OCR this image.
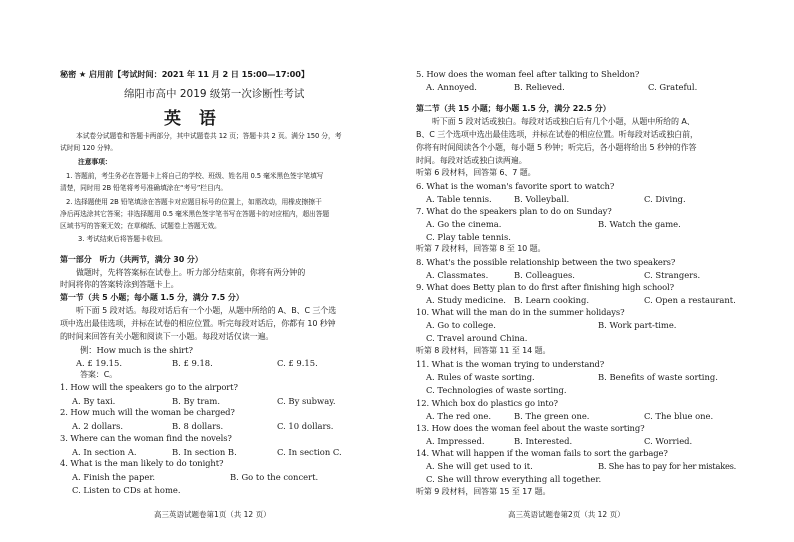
秘密 ★ 启用前【考试时间：2021 年 11 月 2 日 15:00—17:00】
绵阳市高中 2019 级第一次诊断性考试
英 语
本试卷分试题卷和答题卡两部分，其中试题卷共 12 页；答题卡共 2 页。满分 150 分，考
试时间 120 分钟。
注意事项：
1. 答题前，考生务必在答题卡上将自己的学校、班级、姓名用 0.5 毫米黑色签字笔填写
清楚，同时用 2B 铅笔将考号准确填涂在“考号”栏目内。
2. 选择题使用 2B 铅笔填涂在答题卡对应题目标号的位置上，如需改动，用橡皮擦擦干
净后再选涂其它答案；非选择题用 0.5 毫米黑色签字笔书写在答题卡的对应框内，超出答题
区域书写的答案无效；在草稿纸、试题卷上答题无效。
3. 考试结束后将答题卡收回。
第一部分　听力（共两节，满分 30 分）
做题时，先将答案标在试卷上。听力部分结束前，你将有两分钟的
时间将你的答案转涂到答题卡上。
第一节（共 5 小题；每小题 1.5 分，满分 7.5 分）
听下面 5 段对话。每段对话后有一个小题，从题中所给的 A、B、C 三个选
项中选出最佳选项，并标在试卷的相应位置。听完每段对话后，你都有 10 秒钟
的时间来回答有关小题和阅读下一小题。每段对话仅读一遍。
例：How much is the shirt?
A. £ 19.15.	B. £ 9.18.	C. £ 9.15.
答案：C。
1. How will the speakers go to the airport?
A. By taxi.	B. By tram.	C. By subway.
2. How much will the woman be charged?
A. 2 dollars.	B. 8 dollars.	C. 10 dollars.
3. Where can the woman find the novels?
A. In section A.	B. In section B.	C. In section C.
4. What is the man likely to do tonight?
A. Finish the paper.	B. Go to the concert.
C. Listen to CDs at home.
高三英语试题卷第1页（共 12 页）
5. How does the woman feel after talking to Sheldon?
A. Annoyed.	B. Relieved.	C. Grateful.
第二节（共 15 小题；每小题 1.5 分，满分 22.5 分）
听下面 5 段对话或独白。每段对话或独白后有几个小题，从题中所给的 A、
B、C 三个选项中选出最佳选项，并标在试卷的相应位置。听每段对话或独白前，
你将有时间阅读各个小题，每小题 5 秒钟；听完后，各小题将给出 5 秒钟的作答
时间。每段对话或独白读两遍。
听第 6 段材料，回答第 6、7 题。
6. What is the woman's favorite sport to watch?
A. Table tennis.	B. Volleyball.	C. Diving.
7. What do the speakers plan to do on Sunday?
A. Go the cinema.	B. Watch the game.
C. Play table tennis.
听第 7 段材料，回答第 8 至 10 题。
8. What's the possible relationship between the two speakers?
A. Classmates.	B. Colleagues.	C. Strangers.
9. What does Betty plan to do first after finishing high school?
A. Study medicine. B. Learn cooking.	C. Open a restaurant.
10. What will the man do in the summer holidays?
A. Go to college.	B. Work part-time.
C. Travel around China.
听第 8 段材料，回答第 11 至 14 题。
11. What is the woman trying to understand?
A. Rules of waste sorting.	B. Benefits of waste sorting.
C. Technologies of waste sorting.
12. Which box do plastics go into?
A. The red one.	B. The green one.	C. The blue one.
13. How does the woman feel about the waste sorting?
A. Impressed.	B. Interested.	C. Worried.
14. What will happen if the woman fails to sort the garbage?
A. She will get used to it.	B. She has to pay for her mistakes.
C. She will throw everything all together.
听第 9 段材料，回答第 15 至 17 题。
高三英语试题卷第2页（共 12 页）
